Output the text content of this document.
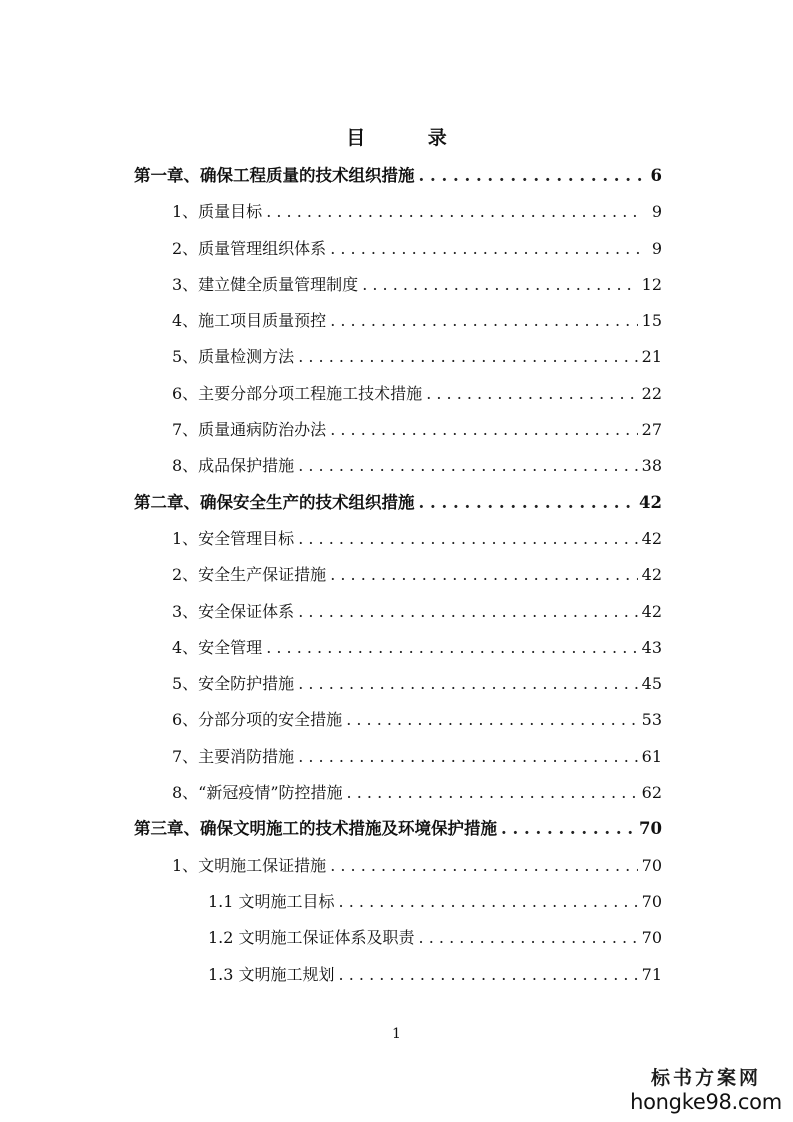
目 录
第一章、确保工程质量的技术组织措施 . . .	6
1、质量目标 . . .	9
2、质量管理组织体系 . . .	9
3、建立健全质量管理制度 . . .	12
4、施工项目质量预控 . . .	15
5、质量检测方法 . . .	21
6、主要分部分项工程施工技术措施 . . .	22
7、质量通病防治办法 . . .	27
8、成品保护措施 . . .	38
第二章、确保安全生产的技术组织措施 . . .	42
1、安全管理目标 . . .	42
2、安全生产保证措施 . . .	42
3、安全保证体系 . . .	42
4、安全管理 . . .	43
5、安全防护措施 . . .	45
6、分部分项的安全措施 . . .	53
7、主要消防措施 . . .	61
8、“新冠疫情”防控措施 . . .	62
第三章、确保文明施工的技术措施及环境保护措施 . . .	70
1、文明施工保证措施 . . .	70
1.1 文明施工目标 . . .	70
1.2 文明施工保证体系及职责 . . .	70
1.3 文明施工规划 . . .	71
1
标书方案网
hongke98.com
